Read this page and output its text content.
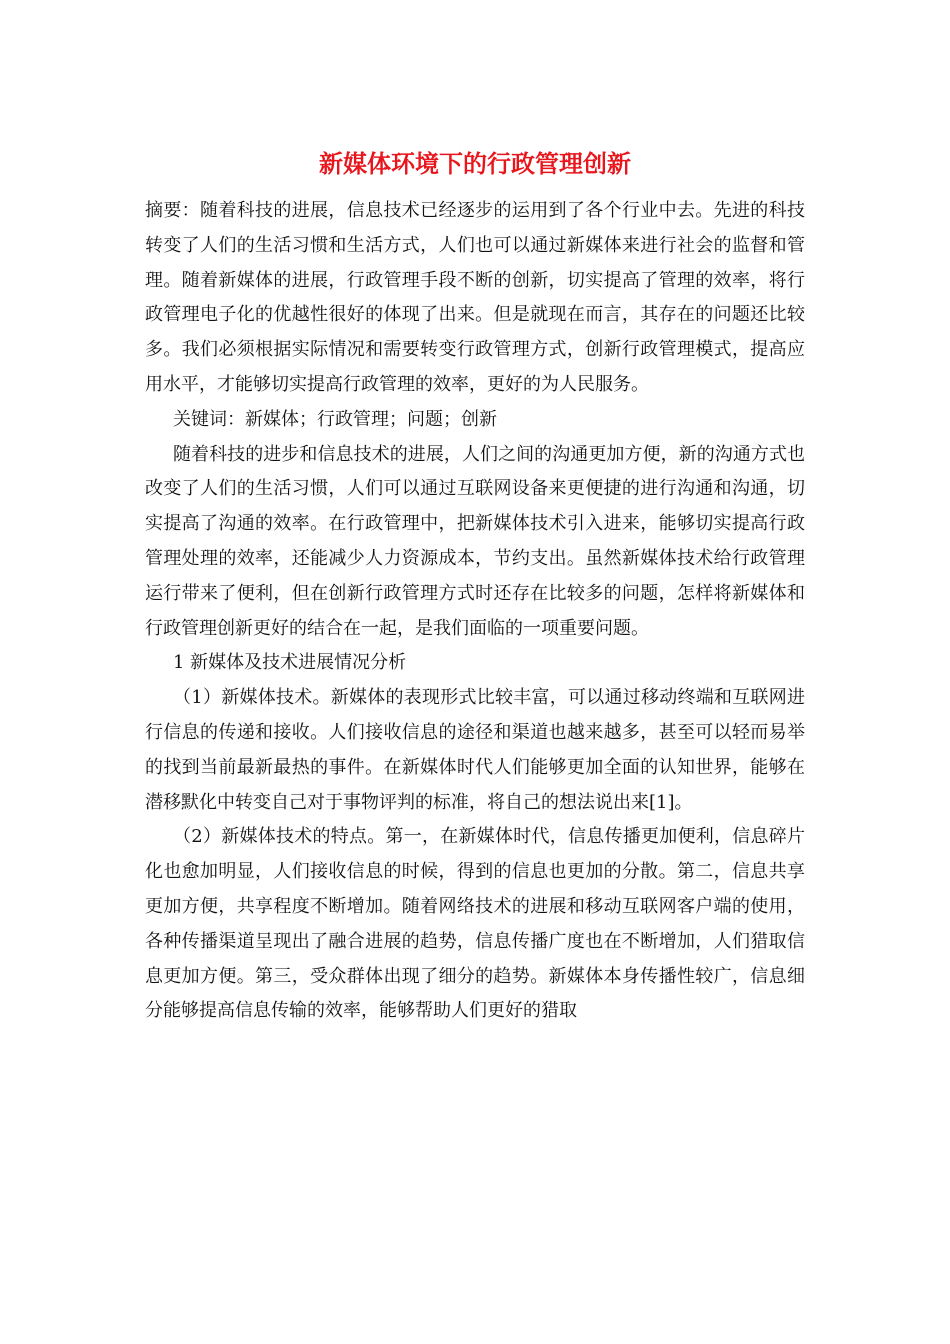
新媒体环境下的行政管理创新

摘要：随着科技的进展，信息技术已经逐步的运用到了各个行业中去。先进的科技转变了人们的生活习惯和生活方式，人们也可以通过新媒体来进行社会的监督和管理。随着新媒体的进展，行政管理手段不断的创新，切实提高了管理的效率，将行政管理电子化的优越性很好的体现了出来。但是就现在而言，其存在的问题还比较多。我们必须根据实际情况和需要转变行政管理方式，创新行政管理模式，提高应用水平，才能够切实提高行政管理的效率，更好的为人民服务。

关键词：新媒体；行政管理；问题；创新

随着科技的进步和信息技术的进展，人们之间的沟通更加方便，新的沟通方式也改变了人们的生活习惯，人们可以通过互联网设备来更便捷的进行沟通和沟通，切实提高了沟通的效率。在行政管理中，把新媒体技术引入进来，能够切实提高行政管理处理的效率，还能减少人力资源成本，节约支出。虽然新媒体技术给行政管理运行带来了便利，但在创新行政管理方式时还存在比较多的问题，怎样将新媒体和行政管理创新更好的结合在一起，是我们面临的一项重要问题。

1 新媒体及技术进展情况分析

（1）新媒体技术。新媒体的表现形式比较丰富，可以通过移动终端和互联网进行信息的传递和接收。人们接收信息的途径和渠道也越来越多，甚至可以轻而易举的找到当前最新最热的事件。在新媒体时代人们能够更加全面的认知世界，能够在潜移默化中转变自己对于事物评判的标准，将自己的想法说出来[1]。

（2）新媒体技术的特点。第一，在新媒体时代，信息传播更加便利，信息碎片化也愈加明显，人们接收信息的时候，得到的信息也更加的分散。第二，信息共享更加方便，共享程度不断增加。随着网络技术的进展和移动互联网客户端的使用，各种传播渠道呈现出了融合进展的趋势，信息传播广度也在不断增加，人们猎取信息更加方便。第三，受众群体出现了细分的趋势。新媒体本身传播性较广，信息细分能够提高信息传输的效率，能够帮助人们更好的猎取
